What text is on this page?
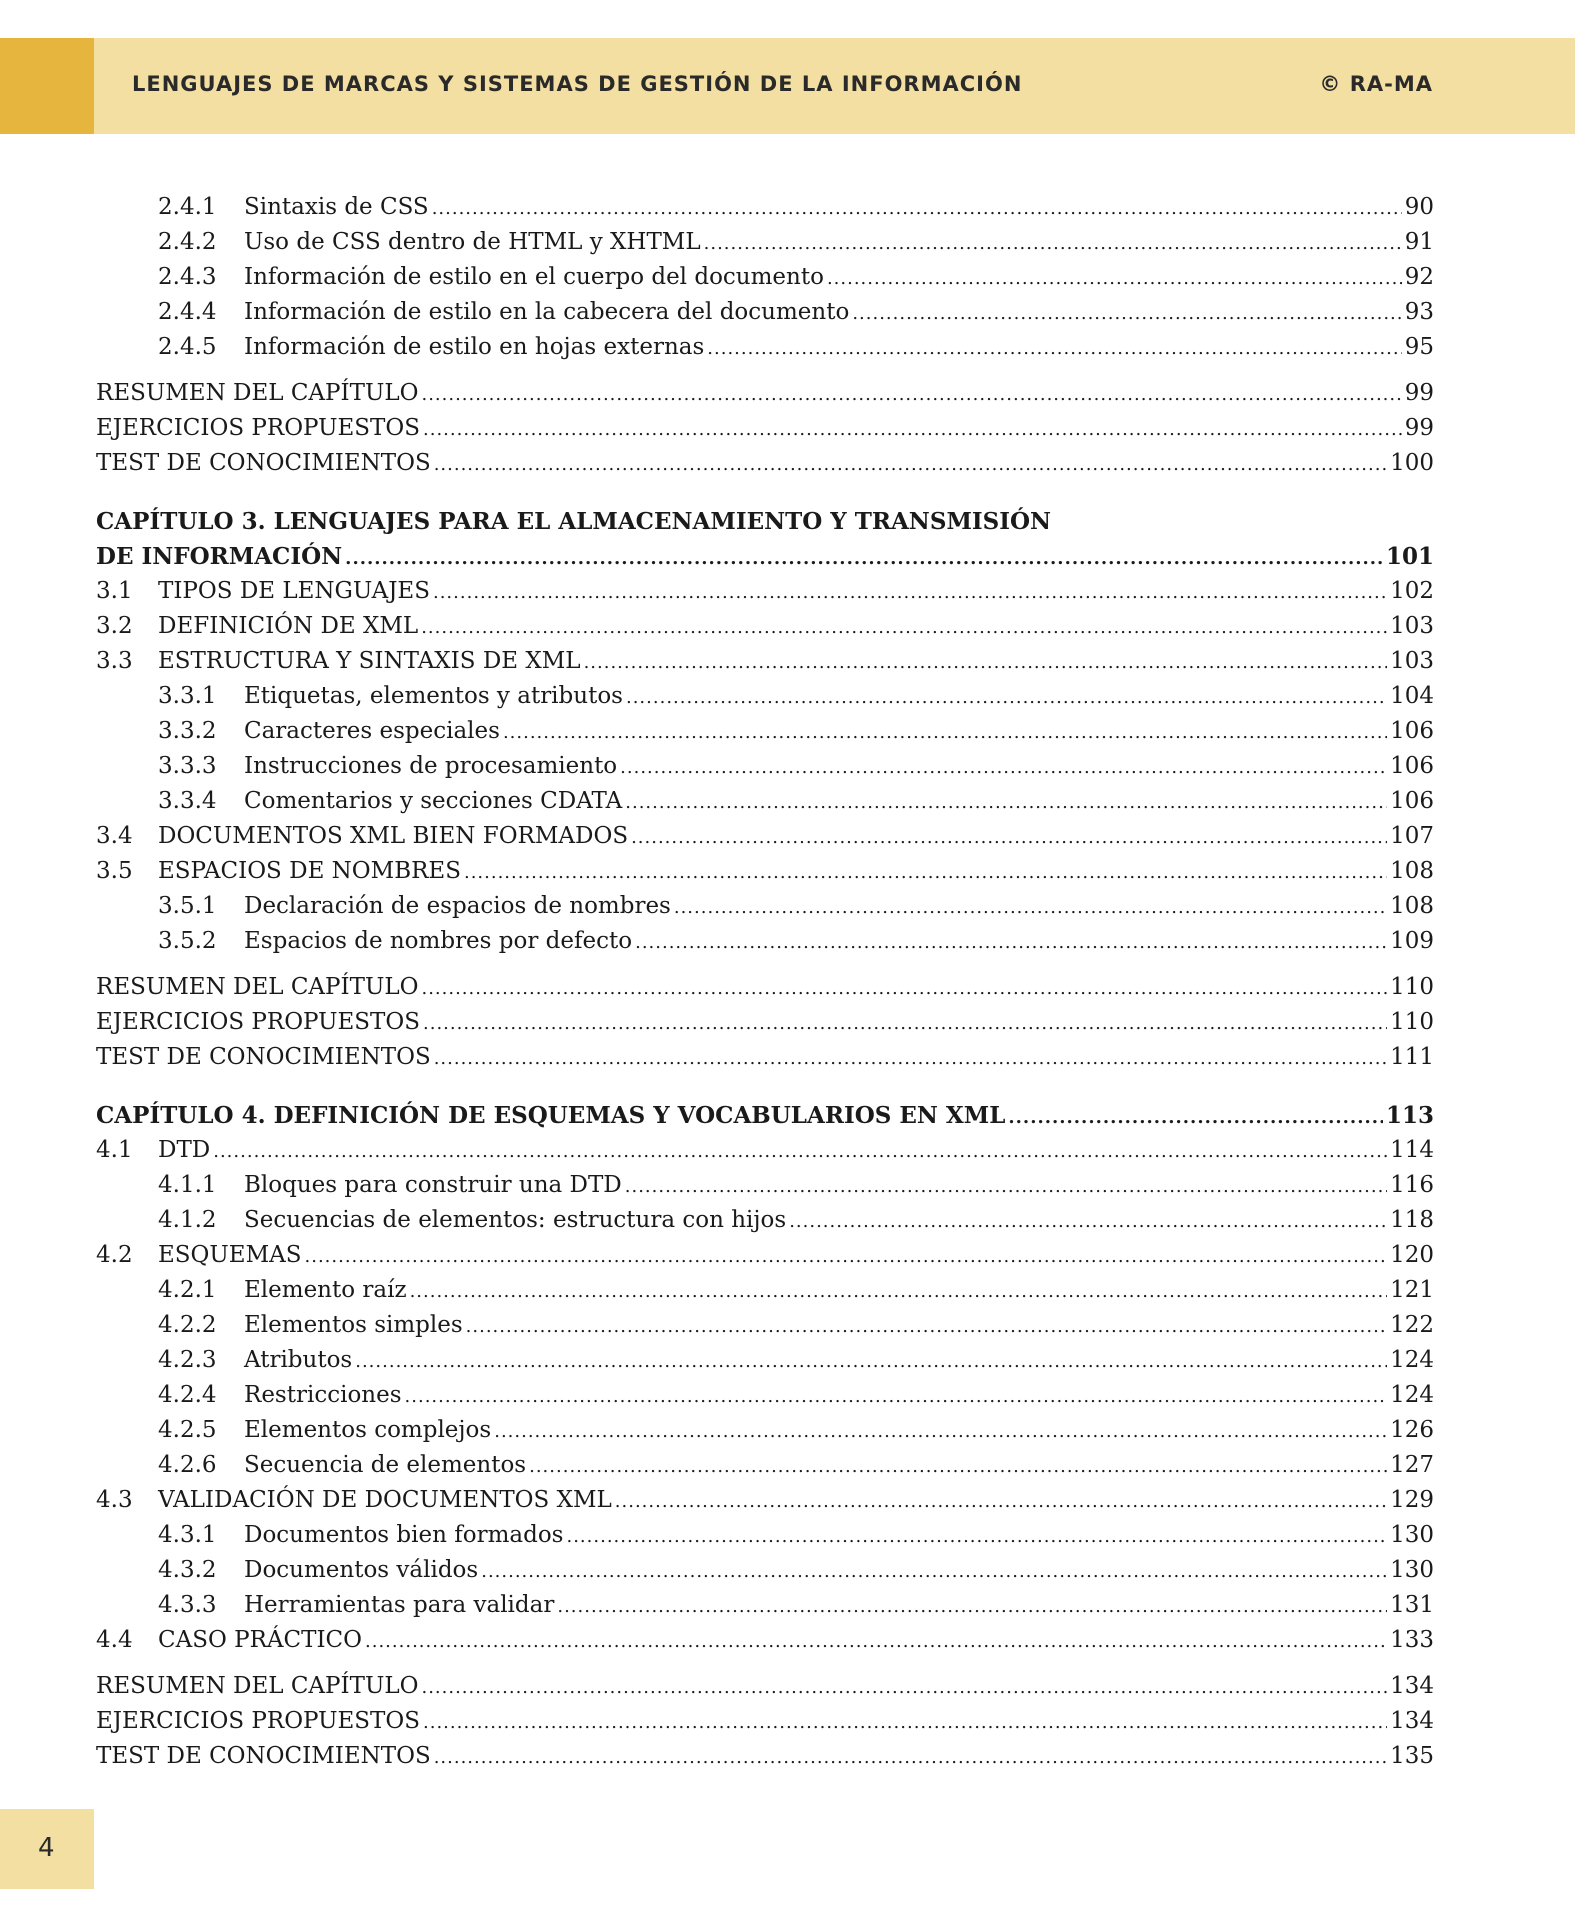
LENGUAJES DE MARCAS Y SISTEMAS DE GESTIÓN DE LA INFORMACIÓN	© RA-MA
2.4.1	Sintaxis de CSS .....	90
2.4.2	Uso de CSS dentro de HTML y XHTML .....	91
2.4.3	Información de estilo en el cuerpo del documento .....	92
2.4.4	Información de estilo en la cabecera del documento .....	93
2.4.5	Información de estilo en hojas externas .....	95
RESUMEN DEL CAPÍTULO .....	99
EJERCICIOS PROPUESTOS .....	99
TEST DE CONOCIMIENTOS .....	100
CAPÍTULO 3. LENGUAJES PARA EL ALMACENAMIENTO Y TRANSMISIÓN
DE INFORMACIÓN .....	101
3.1	TIPOS DE LENGUAJES .....	102
3.2	DEFINICIÓN DE XML .....	103
3.3	ESTRUCTURA Y SINTAXIS DE XML .....	103
3.3.1	Etiquetas, elementos y atributos .....	104
3.3.2	Caracteres especiales .....	106
3.3.3	Instrucciones de procesamiento .....	106
3.3.4	Comentarios y secciones CDATA .....	106
3.4	DOCUMENTOS XML BIEN FORMADOS .....	107
3.5	ESPACIOS DE NOMBRES .....	108
3.5.1	Declaración de espacios de nombres .....	108
3.5.2	Espacios de nombres por defecto .....	109
RESUMEN DEL CAPÍTULO .....	110
EJERCICIOS PROPUESTOS .....	110
TEST DE CONOCIMIENTOS .....	111
CAPÍTULO 4. DEFINICIÓN DE ESQUEMAS Y VOCABULARIOS EN XML .....	113
4.1	DTD .....	114
4.1.1	Bloques para construir una DTD .....	116
4.1.2	Secuencias de elementos: estructura con hijos .....	118
4.2	ESQUEMAS .....	120
4.2.1	Elemento raíz .....	121
4.2.2	Elementos simples .....	122
4.2.3	Atributos .....	124
4.2.4	Restricciones .....	124
4.2.5	Elementos complejos .....	126
4.2.6	Secuencia de elementos .....	127
4.3	VALIDACIÓN DE DOCUMENTOS XML .....	129
4.3.1	Documentos bien formados .....	130
4.3.2	Documentos válidos .....	130
4.3.3	Herramientas para validar .....	131
4.4	CASO PRÁCTICO .....	133
RESUMEN DEL CAPÍTULO .....	134
EJERCICIOS PROPUESTOS .....	134
TEST DE CONOCIMIENTOS .....	135
4
